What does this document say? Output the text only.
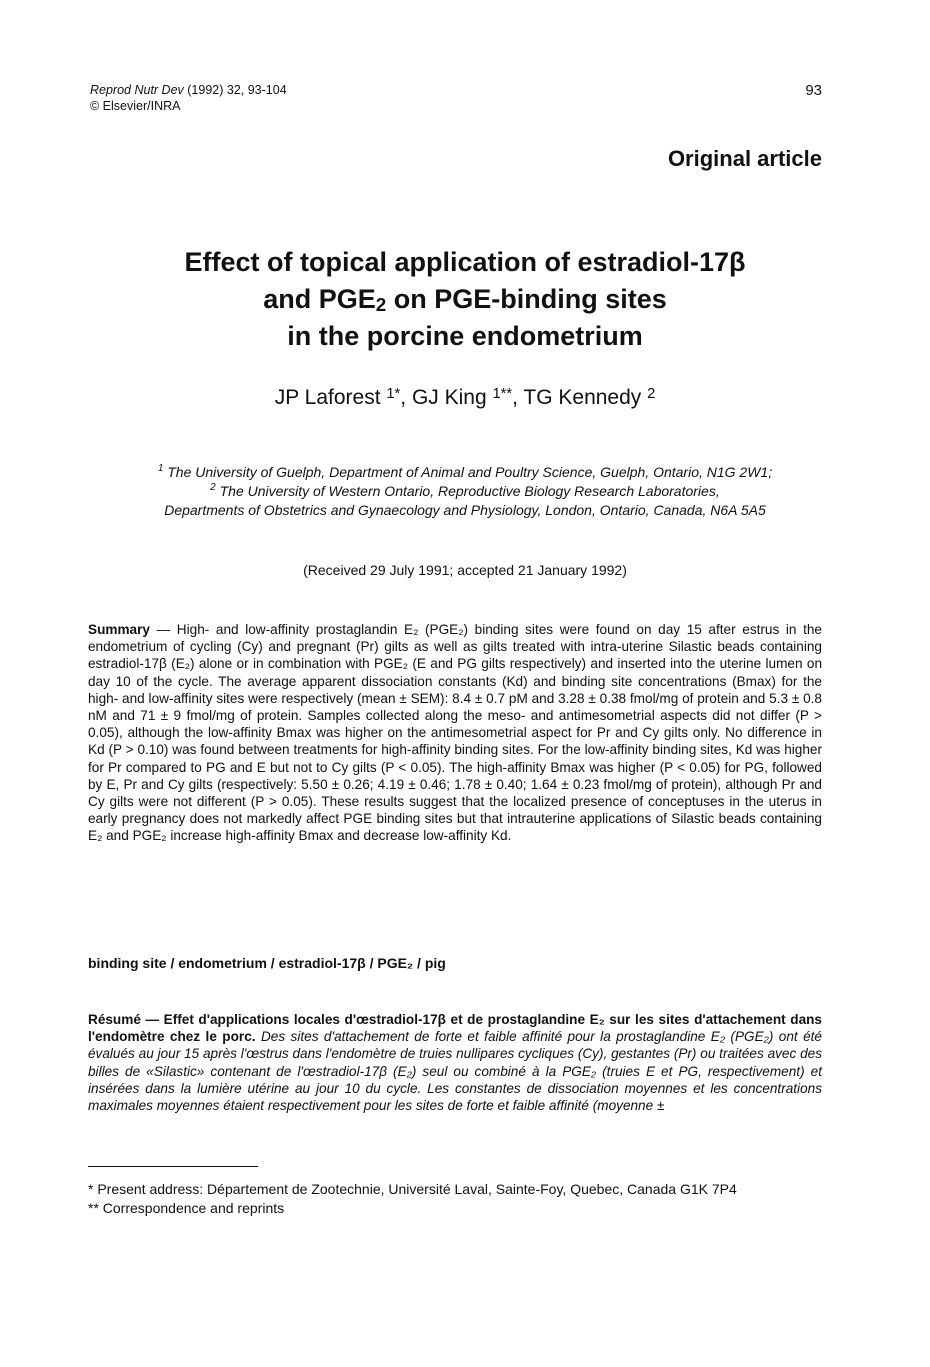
Reprod Nutr Dev (1992) 32, 93-104
© Elsevier/INRA
93
Original article
Effect of topical application of estradiol-17β
and $PGE_2$ on PGE-binding sites
in the porcine endometrium
JP Laforest $^{1*}$, GJ King $^{1**}$, TG Kennedy $^2$
$^1$ The University of Guelph, Department of Animal and Poultry Science, Guelph, Ontario, N1G 2W1;
$^2$ The University of Western Ontario, Reproductive Biology Research Laboratories,
Departments of Obstetrics and Gynaecology and Physiology, London, Ontario, Canada, N6A 5A5
(Received 29 July 1991; accepted 21 January 1992)
Summary — High- and low-affinity prostaglandin E₂ (PGE₂) binding sites were found on day 15 after estrus in the endometrium of cycling (Cy) and pregnant (Pr) gilts as well as gilts treated with intra-uterine Silastic beads containing estradiol-17β (E₂) alone or in combination with PGE₂ (E and PG gilts respectively) and inserted into the uterine lumen on day 10 of the cycle. The average apparent dissociation constants (Kd) and binding site concentrations (Bmax) for the high- and low-affinity sites were respectively (mean ± SEM): 8.4 ± 0.7 pM and 3.28 ± 0.38 fmol/mg of protein and 5.3 ± 0.8 nM and 71 ± 9 fmol/mg of protein. Samples collected along the meso- and antimesometrial aspects did not differ (P > 0.05), although the low-affinity Bmax was higher on the antimesometrial aspect for Pr and Cy gilts only. No difference in Kd (P > 0.10) was found between treatments for high-affinity binding sites. For the low-affinity binding sites, Kd was higher for Pr compared to PG and E but not to Cy gilts (P < 0.05). The high-affinity Bmax was higher (P < 0.05) for PG, followed by E, Pr and Cy gilts (respectively: 5.50 ± 0.26; 4.19 ± 0.46; 1.78 ± 0.40; 1.64 ± 0.23 fmol/mg of protein), although Pr and Cy gilts were not different (P > 0.05). These results suggest that the localized presence of conceptuses in the uterus in early pregnancy does not markedly affect PGE binding sites but that intrauterine applications of Silastic beads containing E₂ and PGE₂ increase high-affinity Bmax and decrease low-affinity Kd.
binding site / endometrium / estradiol-17β / PGE₂ / pig
Résumé — Effet d'applications locales d'œstradiol-17β et de prostaglandine E₂ sur les sites d'attachement dans l'endomètre chez le porc. Des sites d'attachement de forte et faible affinité pour la prostaglandine E₂ (PGE₂) ont été évalués au jour 15 après l'œstrus dans l'endomètre de truies nullipares cycliques (Cy), gestantes (Pr) ou traitées avec des billes de «Silastic» contenant de l'œstradiol-17β (E₂) seul ou combiné à la PGE₂ (truies E et PG, respectivement) et insérées dans la lumière utérine au jour 10 du cycle. Les constantes de dissociation moyennes et les concentrations maximales moyennes étaient respectivement pour les sites de forte et faible affinité (moyenne ±
* Present address: Département de Zootechnie, Université Laval, Sainte-Foy, Quebec, Canada G1K 7P4
** Correspondence and reprints
